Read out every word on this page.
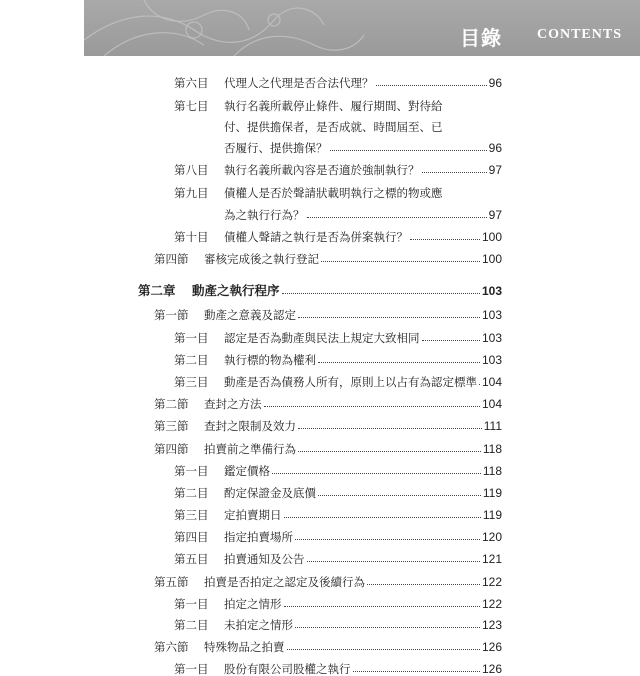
目錄 CONTENTS
第六目 代理人之代理是否合法代理？	96
第七目 執行名義所載停止條件、履行期間、對待給
付、提供擔保者，是否成就、時間屆至、已
否履行、提供擔保？	96
第八目 執行名義所載內容是否適於強制執行？	97
第九目 債權人是否於聲請狀載明執行之標的物或應
為之執行行為？	97
第十目 債權人聲請之執行是否為併案執行？	100
第四節 審核完成後之執行登記	100
第二章 動產之執行程序	103
第一節 動產之意義及認定	103
第一目 認定是否為動產與民法上規定大致相同	103
第二目 執行標的物為權利	103
第三目 動產是否為債務人所有，原則上以占有為認定標準 104
第二節 查封之方法	104
第三節 查封之限制及效力	111
第四節 拍賣前之準備行為	118
第一目 鑑定價格	118
第二目 酌定保證金及底價	119
第三目 定拍賣期日	119
第四目 指定拍賣場所	120
第五目 拍賣通知及公告	121
第五節 拍賣是否拍定之認定及後續行為	122
第一目 拍定之情形	122
第二目 未拍定之情形	123
第六節 特殊物品之拍賣	126
第一目 股份有限公司股權之執行	126
